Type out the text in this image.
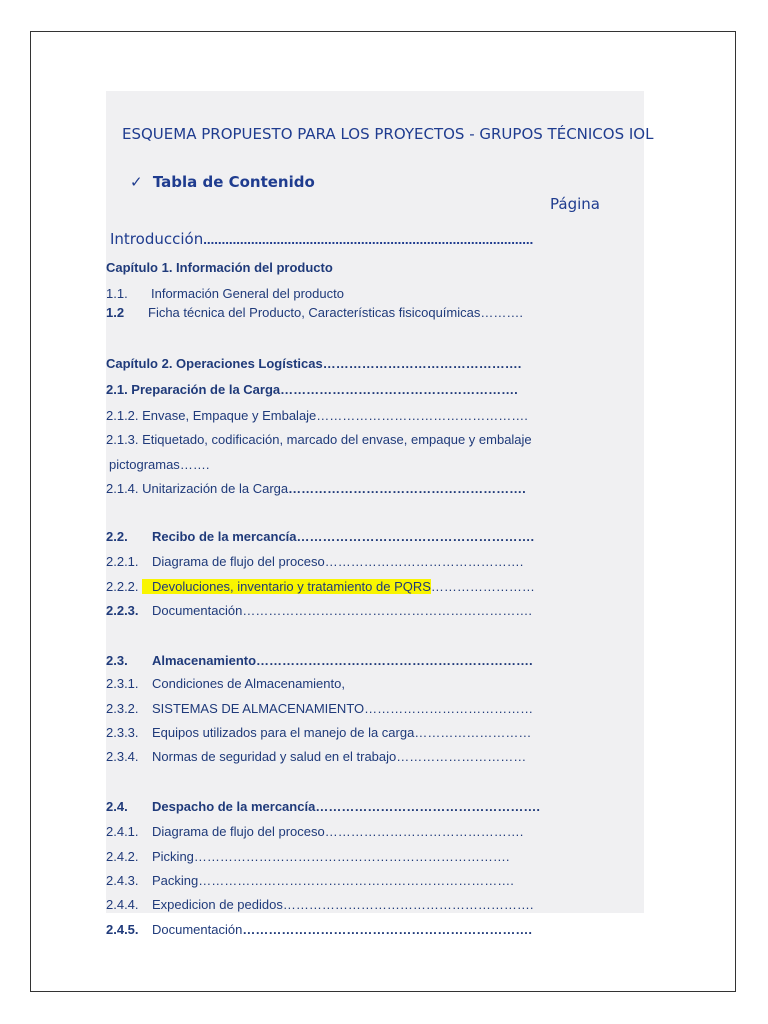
ESQUEMA PROPUESTO PARA LOS PROYECTOS - GRUPOS TÉCNICOS IOL
✓ Tabla de Contenido
Página
Introducción………………………………………………………………………………
Capítulo 1. Información del producto
1.1. Información General del producto
1.2 Ficha técnica del Producto, Características fisicoquímicas……….
Capítulo 2. Operaciones Logísticas……………………………………….
2.1. Preparación de la Carga……………………………………………….
2.1.2. Envase, Empaque y Embalaje………………………………………….
2.1.3. Etiquetado, codificación, marcado del envase, empaque y embalaje
pictogramas…….
2.1.4. Unitarización de la Carga……………………………………………….
2.2. Recibo de la mercancía……………………………………………….
2.2.1. Diagrama de flujo del proceso……………………………………….
2.2.2. Devoluciones, inventario y tratamiento de PQRS……………………
2.2.3. Documentación………………………………………………………….
2.3. Almacenamiento……………………………………………………….
2.3.1. Condiciones de Almacenamiento,
2.3.2. SISTEMAS DE ALMACENAMIENTO…………………………………
2.3.3. Equipos utilizados para el manejo de la carga………………………
2.3.4. Normas de seguridad y salud en el trabajo…………………………
2.4. Despacho de la mercancía…………………………………………….
2.4.1. Diagrama de flujo del proceso……………………………………….
2.4.2. Picking……………………………………………………………….
2.4.3. Packing……………………………………………………………….
2.4.4. Expedicion de pedidos………………………………………………….
2.4.5. Documentación………………………………………………………….
